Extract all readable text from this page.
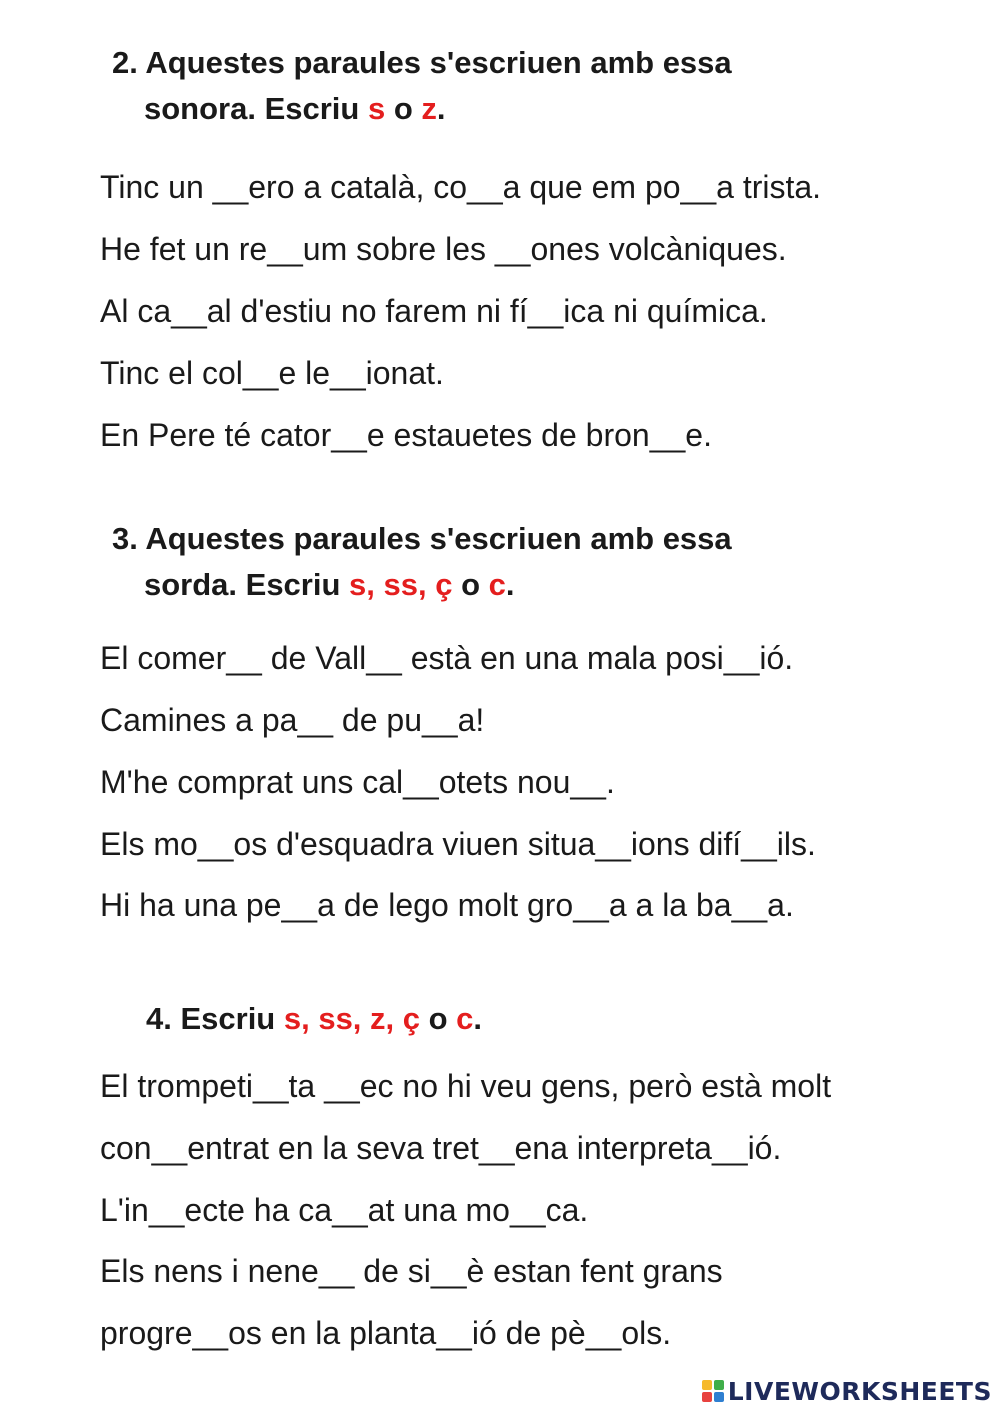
2. Aquestes paraules s'escriuen amb essa
sonora. Escriu s o z.
Tinc un __ero a català, co__a que em po__a trista.
He fet un re__um sobre les __ones volcàniques.
Al ca__al d'estiu no farem ni fí__ica ni química.
Tinc el col__e le__ionat.
En Pere té cator__e estauetes de bron__e.
3. Aquestes paraules s'escriuen amb essa
sorda. Escriu s, ss, ç o c.
El comer__ de Vall__ està en una mala posi__ió.
Camines a pa__ de pu__a!
M'he comprat uns cal__otets nou__.
Els mo__os d'esquadra viuen situa__ions difí__ils.
Hi ha una pe__a de lego molt gro__a a la ba__a.
4. Escriu s, ss, z, ç o c.
El trompeti__ta __ec no hi veu gens, però està molt
con__entrat en la seva tret__ena interpreta__ió.
L'in__ecte ha ca__at una mo__ca.
Els nens i nene__ de si__è estan fent grans
progre__os en la planta__ió de pè__ols.
LIVEWORKSHEETS
